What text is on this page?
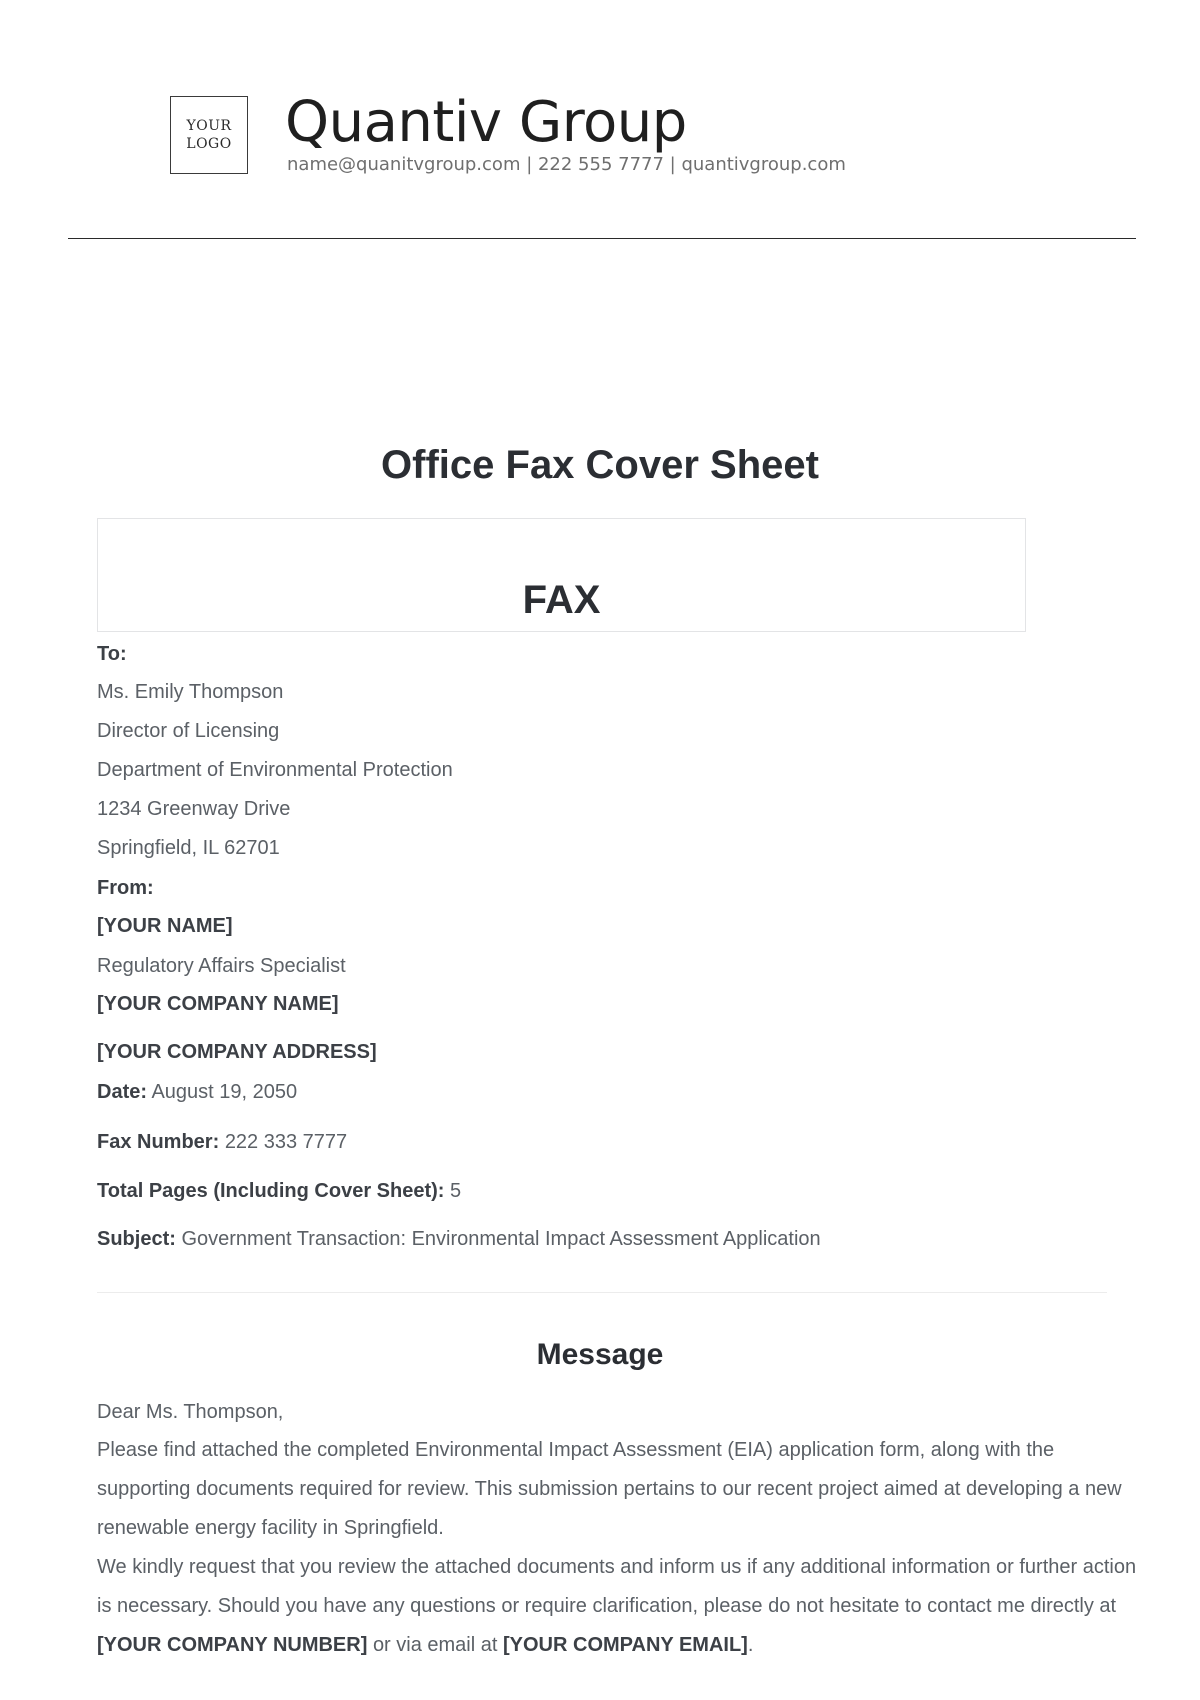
YOUR
LOGO Quantiv Group
name@quanitvgroup.com | 222 555 7777 | quantivgroup.com
Office Fax Cover Sheet
FAX
To:
Ms. Emily Thompson
Director of Licensing
Department of Environmental Protection
1234 Greenway Drive
Springfield, IL 62701
From:
[YOUR NAME]
Regulatory Affairs Specialist
[YOUR COMPANY NAME]
[YOUR COMPANY ADDRESS]
Date: August 19, 2050
Fax Number: 222 333 7777
Total Pages (Including Cover Sheet): 5
Subject: Government Transaction: Environmental Impact Assessment Application
Message
Dear Ms. Thompson,
Please find attached the completed Environmental Impact Assessment (EIA) application form, along with the supporting documents required for review. This submission pertains to our recent project aimed at developing a new renewable energy facility in Springfield.
We kindly request that you review the attached documents and inform us if any additional information or further action is necessary. Should you have any questions or require clarification, please do not hesitate to contact me directly at [YOUR COMPANY NUMBER] or via email at [YOUR COMPANY EMAIL].
